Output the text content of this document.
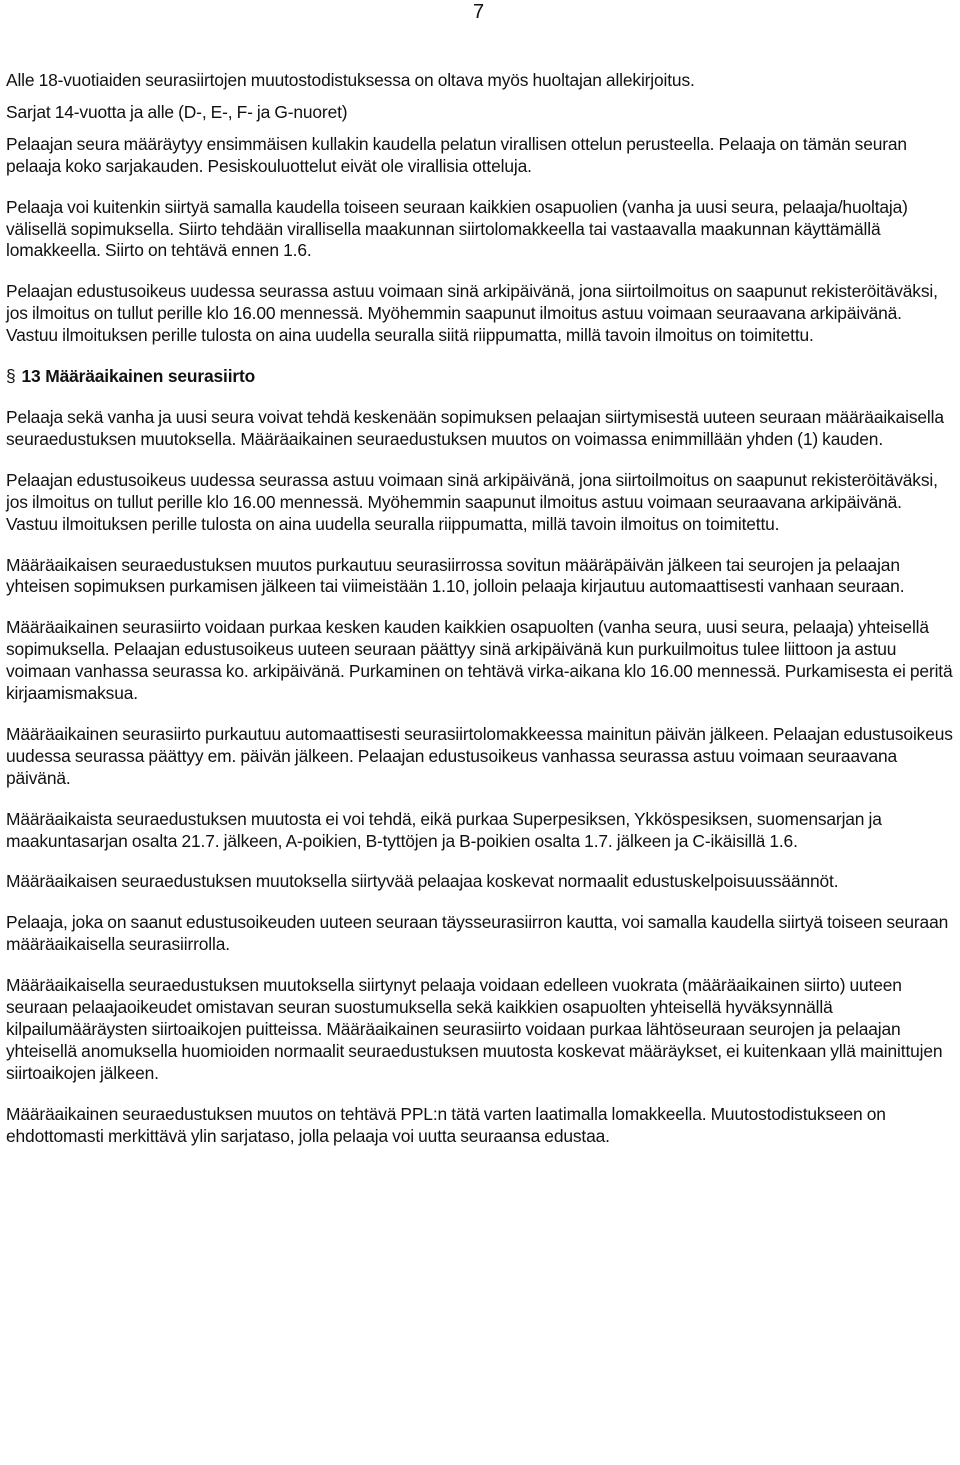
7

Alle 18-vuotiaiden seurasiirtojen muutostodistuksessa on oltava myös huoltajan allekirjoitus.

Sarjat 14-vuotta ja alle (D-, E-, F- ja G-nuoret)

Pelaajan seura määräytyy ensimmäisen kullakin kaudella pelatun virallisen ottelun perusteella. Pelaaja on tämän seuran pelaaja koko sarjakauden. Pesiskouluottelut eivät ole virallisia otteluja.

Pelaaja voi kuitenkin siirtyä samalla kaudella toiseen seuraan kaikkien osapuolien (vanha ja uusi seura, pelaaja/huoltaja) välisellä sopimuksella. Siirto tehdään virallisella maakunnan siirtolomakkeella tai vastaavalla maakunnan käyttämällä lomakkeella. Siirto on tehtävä ennen 1.6.

Pelaajan edustusoikeus uudessa seurassa astuu voimaan sinä arkipäivänä, jona siirtoilmoitus on saapunut rekisteröitäväksi, jos ilmoitus on tullut perille klo 16.00 mennessä. Myöhemmin saapunut ilmoitus astuu voimaan seuraavana arkipäivänä. Vastuu ilmoituksen perille tulosta on aina uudella seuralla siitä riippumatta, millä tavoin ilmoitus on toimitettu.

§ 13 Määräaikainen seurasiirto

Pelaaja sekä vanha ja uusi seura voivat tehdä keskenään sopimuksen pelaajan siirtymisestä uuteen seuraan määräaikaisella seuraedustuksen muutoksella. Määräaikainen seuraedustuksen muutos on voimassa enimmillään yhden (1) kauden.

Pelaajan edustusoikeus uudessa seurassa astuu voimaan sinä arkipäivänä, jona siirtoilmoitus on saapunut rekisteröitäväksi, jos ilmoitus on tullut perille klo 16.00 mennessä. Myöhemmin saapunut ilmoitus astuu voimaan seuraavana arkipäivänä. Vastuu ilmoituksen perille tulosta on aina uudella seuralla riippumatta, millä tavoin ilmoitus on toimitettu.

Määräaikaisen seuraedustuksen muutos purkautuu seurasiirrossa sovitun määräpäivän jälkeen tai seurojen ja pelaajan yhteisen sopimuksen purkamisen jälkeen tai viimeistään 1.10, jolloin pelaaja kirjautuu automaattisesti vanhaan seuraan.

Määräaikainen seurasiirto voidaan purkaa kesken kauden kaikkien osapuolten (vanha seura, uusi seura, pelaaja) yhteisellä sopimuksella. Pelaajan edustusoikeus uuteen seuraan päättyy sinä arkipäivänä kun purkuilmoitus tulee liittoon ja astuu voimaan vanhassa seurassa ko. arkipäivänä. Purkaminen on tehtävä virka-aikana klo 16.00 mennessä. Purkamisesta ei peritä kirjaamismaksua.

Määräaikainen seurasiirto purkautuu automaattisesti seurasiirtolomakkeessa mainitun päivän jälkeen. Pelaajan edustusoikeus uudessa seurassa päättyy em. päivän jälkeen. Pelaajan edustusoikeus vanhassa seurassa astuu voimaan seuraavana päivänä.

Määräaikaista seuraedustuksen muutosta ei voi tehdä, eikä purkaa Superpesiksen, Ykköspesiksen, suomensarjan ja maakuntasarjan osalta 21.7. jälkeen, A-poikien, B-tyttöjen ja B-poikien osalta 1.7. jälkeen ja C-ikäisillä 1.6.

Määräaikaisen seuraedustuksen muutoksella siirtyvää pelaajaa koskevat normaalit edustuskelpoisuussäännöt.

Pelaaja, joka on saanut edustusoikeuden uuteen seuraan täysseurasiirron kautta, voi samalla kaudella siirtyä toiseen seuraan määräaikaisella seurasiirrolla.

Määräaikaisella seuraedustuksen muutoksella siirtynyt pelaaja voidaan edelleen vuokrata (määräaikainen siirto) uuteen seuraan pelaajaoikeudet omistavan seuran suostumuksella sekä kaikkien osapuolten yhteisellä hyväksynnällä kilpailumääräysten siirtoaikojen puitteissa. Määräaikainen seurasiirto voidaan purkaa lähtöseuraan seurojen ja pelaajan yhteisellä anomuksella huomioiden normaalit seuraedustuksen muutosta koskevat määräykset, ei kuitenkaan yllä mainittujen siirtoaikojen jälkeen.

Määräaikainen seuraedustuksen muutos on tehtävä PPL:n tätä varten laatimalla lomakkeella. Muutostodistukseen on ehdottomasti merkittävä ylin sarjataso, jolla pelaaja voi uutta seuraansa edustaa.
